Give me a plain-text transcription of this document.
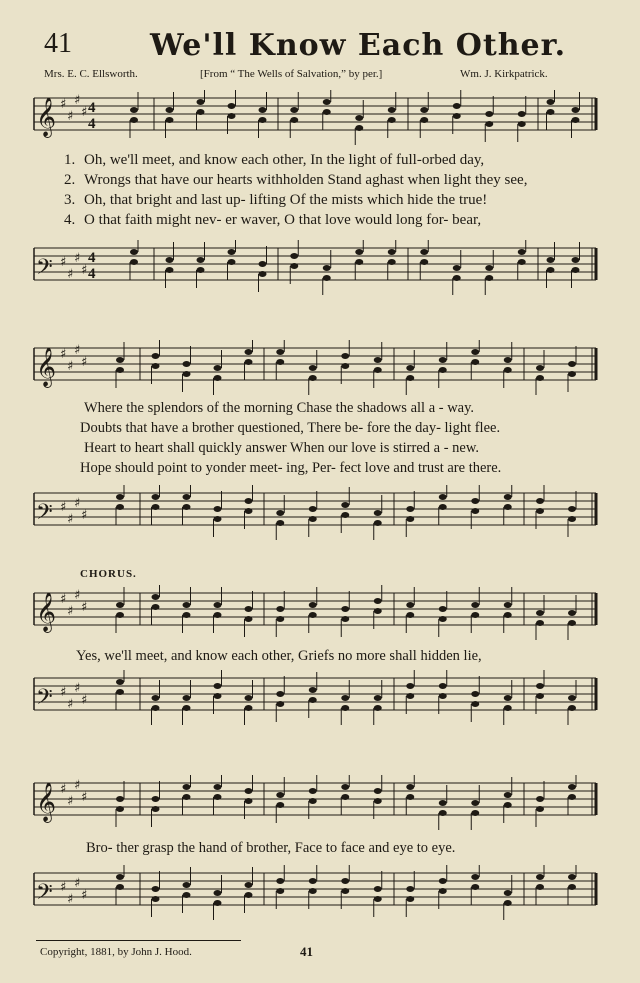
41	We'll Know Each Other.
Mrs. E. C. Ellsworth.	[From “ The Wells of Salvation,” by per.]	Wm. J. Kirkpatrick.
𝄞 ♯
♯
♯
♯ 4
4
1. Oh, we'll meet, and know each other, In the light of full-orbed day,
2. Wrongs that have our hearts withholden Stand aghast when light they see,
3. Oh, that bright and last up- lifting Of the mists which hide the true!
4. O that faith might nev- er waver, O that love would long for- bear,
𝄢 ♯
♯
♯
♯
4
4
𝄞 ♯
♯
♯
♯
Where the splendors of the morning Chase the shadows all a - way.
Doubts that have a brother questioned, There be- fore the day- light flee.
Heart to heart shall quickly answer When our love is stirred a - new.
Hope should point to yonder meet- ing, Per- fect love and trust are there.
𝄢 ♯
♯
♯
♯
CHORUS.
𝄞 ♯
♯
♯
♯
Yes, we'll meet, and know each other, Griefs no more shall hidden lie,
𝄢 ♯
♯
♯
♯
𝄞 ♯
♯
♯
♯
Bro- ther grasp the hand of brother, Face to face and eye to eye.
𝄢 ♯
♯
♯
♯
Copyright, 1881, by John J. Hood.	41
